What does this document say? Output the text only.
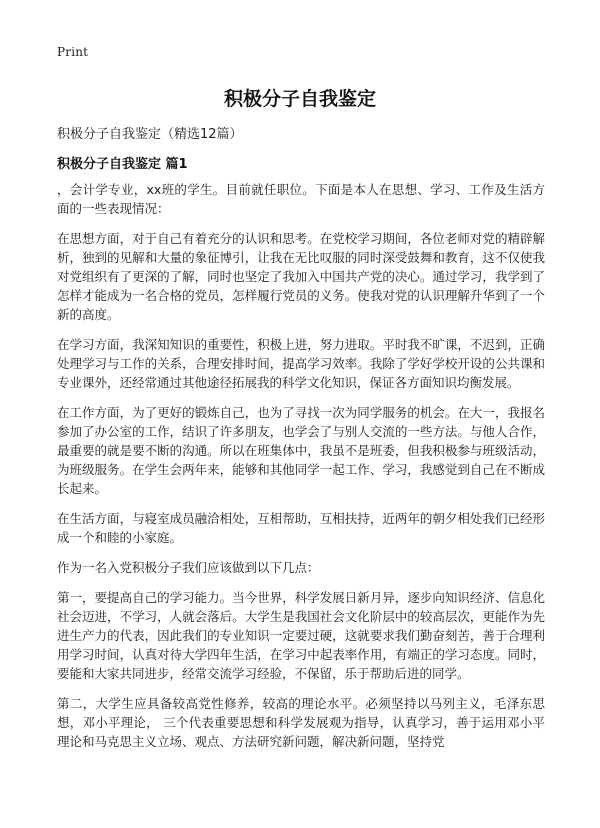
Print
积极分子自我鉴定
积极分子自我鉴定（精选12篇）
积极分子自我鉴定 篇1

，会计学专业，xx班的学生。目前就任职位。下面是本人在思想、学习、工作及生活方面的一些表现情况：

在思想方面，对于自己有着充分的认识和思考。在党校学习期间，各位老师对党的精辟解析，独到的见解和大量的象征博引，让我在无比叹服的同时深受鼓舞和教育，这不仅使我对党组织有了更深的了解，同时也坚定了我加入中国共产党的决心。通过学习，我学到了怎样才能成为一名合格的党员，怎样履行党员的义务。使我对党的认识理解升华到了一个新的高度。

在学习方面，我深知知识的重要性，积极上进，努力进取。平时我不旷课，不迟到，正确处理学习与工作的关系，合理安排时间，提高学习效率。我除了学好学校开设的公共课和专业课外，还经常通过其他途径拓展我的科学文化知识，保证各方面知识均衡发展。

在工作方面，为了更好的锻炼自己，也为了寻找一次为同学服务的机会。在大一，我报名参加了办公室的工作，结识了许多朋友，也学会了与别人交流的一些方法。与他人合作，最重要的就是要不断的沟通。所以在班集体中，我虽不是班委，但我积极参与班级活动，为班级服务。在学生会两年来，能够和其他同学一起工作、学习，我感觉到自己在不断成长起来。

在生活方面，与寝室成员融洽相处，互相帮助，互相扶持，近两年的朝夕相处我们已经形成一个和睦的小家庭。

作为一名入党积极分子我们应该做到以下几点：

第一，要提高自己的学习能力。当今世界，科学发展日新月异，逐步向知识经济、信息化社会迈进，不学习，人就会落后。大学生是我国社会文化阶层中的较高层次，更能作为先进生产力的代表，因此我们的专业知识一定要过硬，这就要求我们勤奋刻苦，善于合理利用学习时间，认真对待大学四年生活，在学习中起表率作用，有端正的学习态度。同时，要能和大家共同进步，经常交流学习经验，不保留，乐于帮助后进的同学。

第二，大学生应具备较高党性修养，较高的理论水平。必须坚持以马列主义，毛泽东思想，邓小平理论， 三个代表重要思想和科学发展观为指导，认真学习，善于运用邓小平理论和马克思主义立场、观点、方法研究新问题，解决新问题，坚持党
